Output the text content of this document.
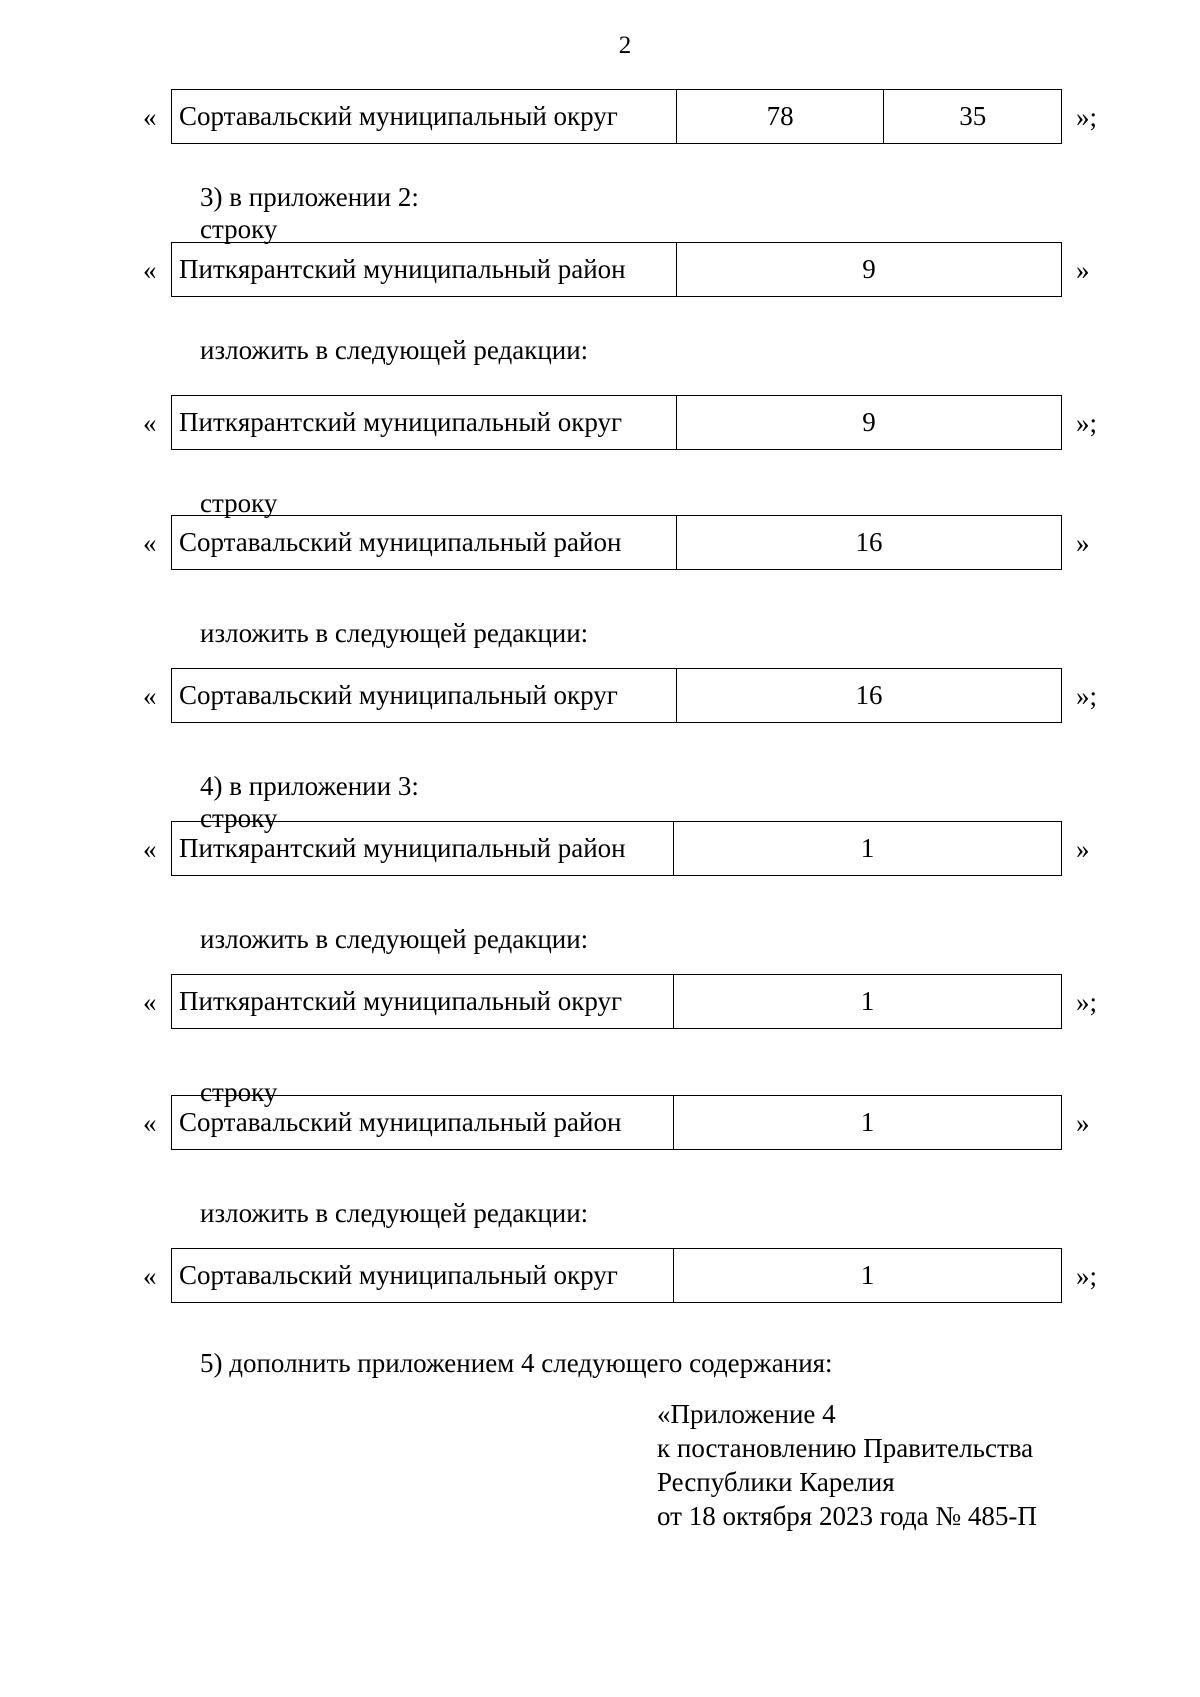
2
« Сортавальский муниципальный округ	78	35	»;
3) в приложении 2:
строку
« Питкярантский муниципальный район	9	»
изложить в следующей редакции:
« Питкярантский муниципальный округ	9	»;
строку
« Сортавальский муниципальный район	16	»
изложить в следующей редакции:
« Сортавальский муниципальный округ	16	»;
4) в приложении 3:
строку
« Питкярантский муниципальный район	1	»
изложить в следующей редакции:
« Питкярантский муниципальный округ	1	»;
строку
« Сортавальский муниципальный район	1	»
изложить в следующей редакции:
« Сортавальский муниципальный округ	1	»;
5) дополнить приложением 4 следующего содержания:
«Приложение 4
к постановлению Правительства
Республики Карелия
от 18 октября 2023 года № 485-П
